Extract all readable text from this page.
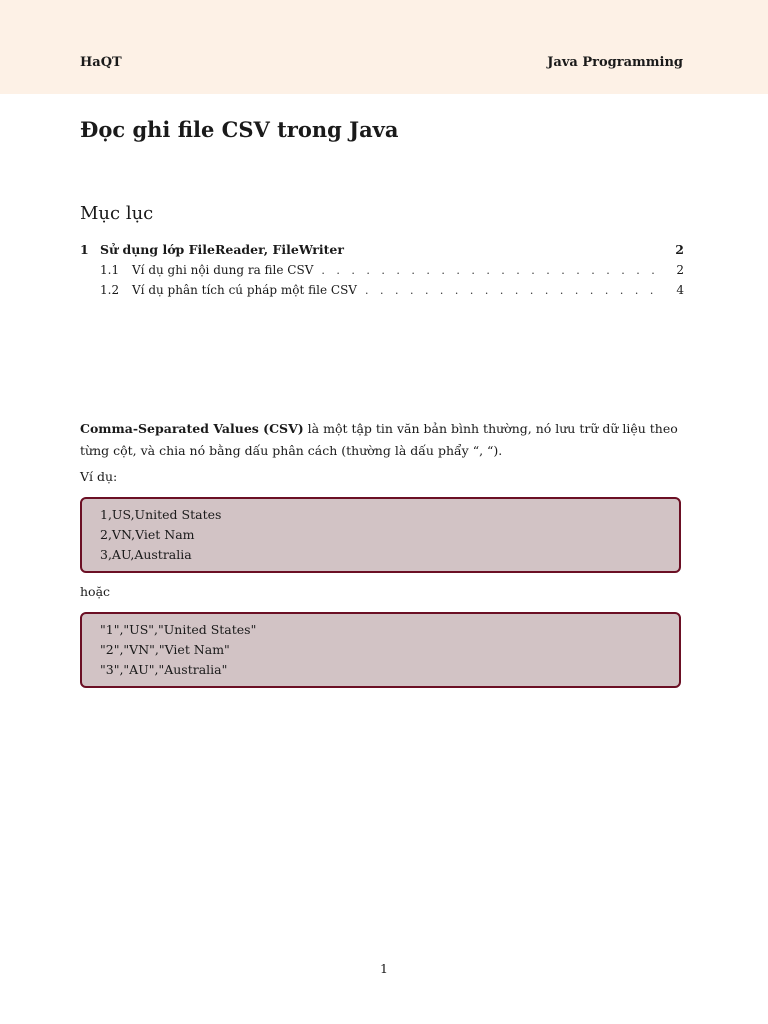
HaQT	Java Programming
Đọc ghi file CSV trong Java
Mục lục
1 Sử dụng lớp FileReader, FileWriter	2
1.1	Ví dụ ghi nội dung ra file CSV . . .	2
1.2	Ví dụ phân tích cú pháp một file CSV . . .	4

Comma-Separated Values (CSV) là một tập tin văn bản bình thường, nó lưu trữ dữ liệu theo từng cột, và chia nó bằng dấu phân cách (thường là dấu phẩy “, “).

Ví dụ:

1,US,United States
2,VN,Viet Nam
3,AU,Australia

hoặc

"1","US","United States"
"2","VN","Viet Nam"
"3","AU","Australia"
1
